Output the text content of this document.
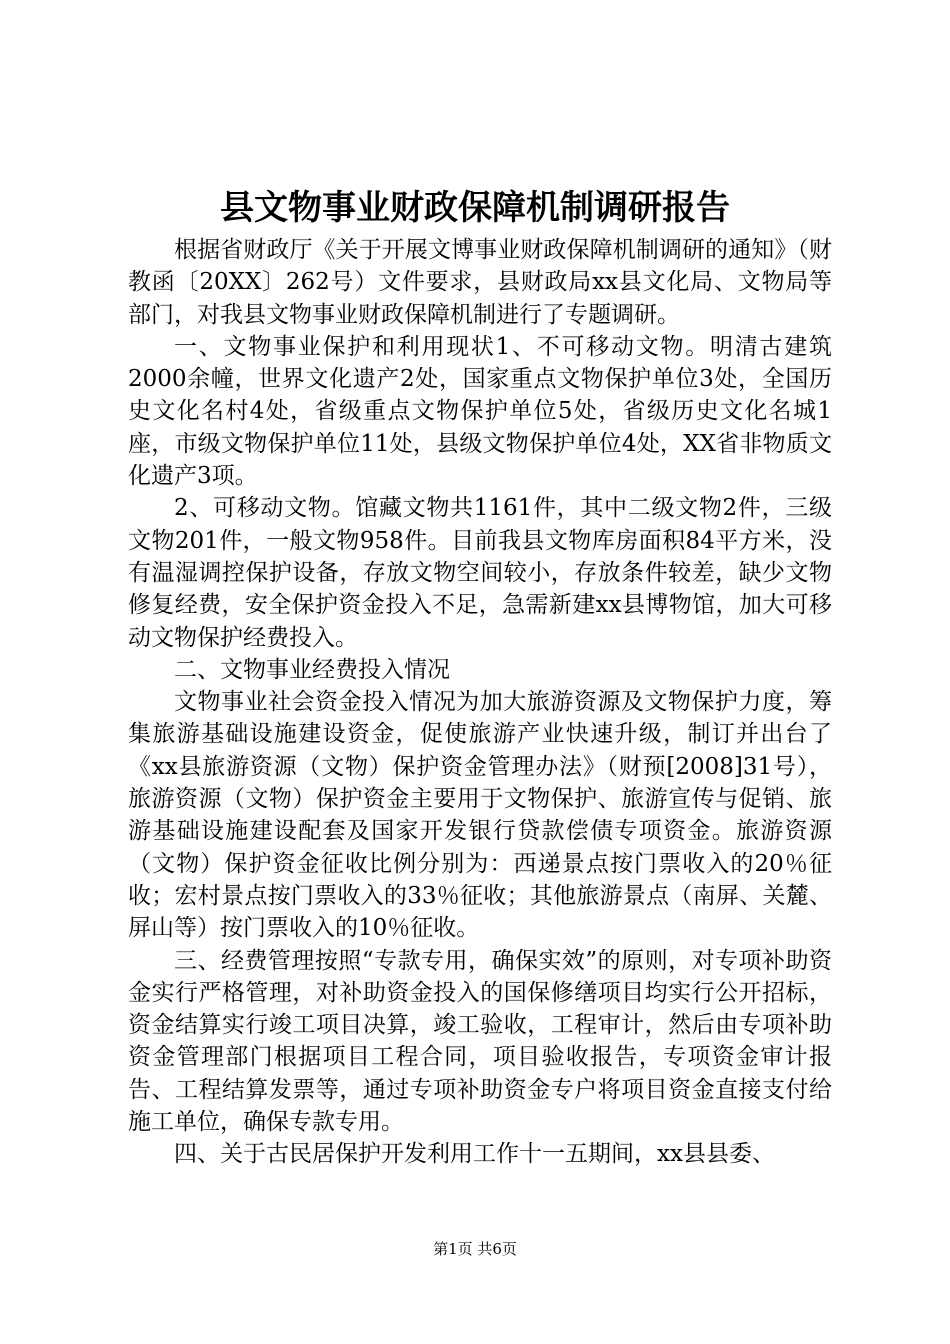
县文物事业财政保障机制调研报告

根据省财政厅《关于开展文博事业财政保障机制调研的通知》（财教函〔20XX〕262号）文件要求，县财政局xx县文化局、文物局等部门，对我县文物事业财政保障机制进行了专题调研。

一、文物事业保护和利用现状1、不可移动文物。明清古建筑2000余幢，世界文化遗产2处，国家重点文物保护单位3处，全国历史文化名村4处，省级重点文物保护单位5处，省级历史文化名城1座，市级文物保护单位11处，县级文物保护单位4处，XX省非物质文化遗产3项。

2、可移动文物。馆藏文物共1161件，其中二级文物2件，三级文物201件，一般文物958件。目前我县文物库房面积84平方米，没有温湿调控保护设备，存放文物空间较小，存放条件较差，缺少文物修复经费，安全保护资金投入不足，急需新建xx县博物馆，加大可移动文物保护经费投入。

二、文物事业经费投入情况

文物事业社会资金投入情况为加大旅游资源及文物保护力度，筹集旅游基础设施建设资金，促使旅游产业快速升级，制订并出台了《xx县旅游资源（文物）保护资金管理办法》（财预[2008]31号），旅游资源（文物）保护资金主要用于文物保护、旅游宣传与促销、旅游基础设施建设配套及国家开发银行贷款偿债专项资金。旅游资源（文物）保护资金征收比例分别为：西递景点按门票收入的20％征收；宏村景点按门票收入的33％征收；其他旅游景点（南屏、关麓、屏山等）按门票收入的10％征收。

三、经费管理按照“专款专用，确保实效”的原则，对专项补助资金实行严格管理，对补助资金投入的国保修缮项目均实行公开招标，资金结算实行竣工项目决算，竣工验收，工程审计，然后由专项补助资金管理部门根据项目工程合同，项目验收报告，专项资金审计报告、工程结算发票等，通过专项补助资金专户将项目资金直接支付给施工单位，确保专款专用。

四、关于古民居保护开发利用工作十一五期间，xx县县委、

第1页 共6页
